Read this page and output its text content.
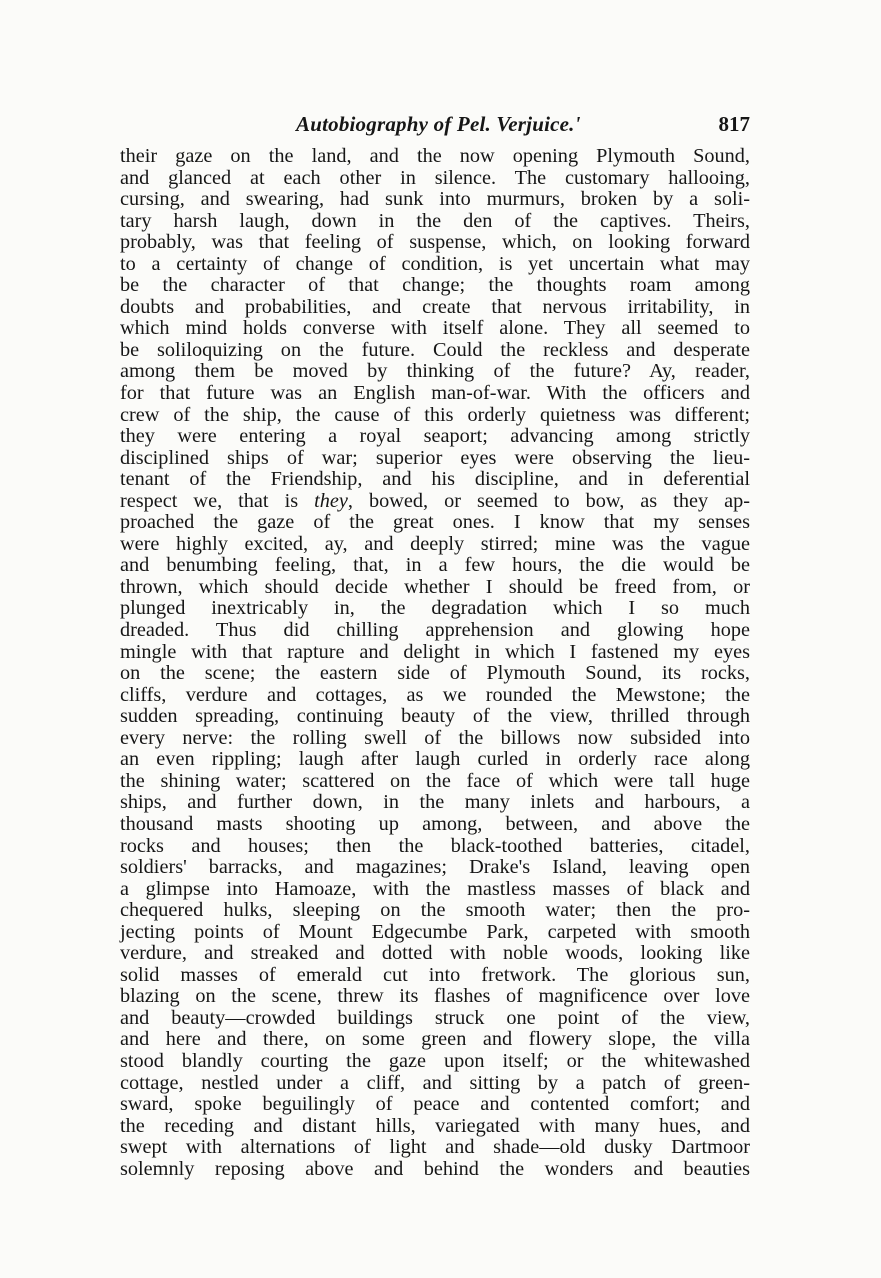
Autobiography of Pel. Verjuice.'	817
their gaze on the land, and the now opening Plymouth Sound,
and glanced at each other in silence. The customary hallooing,
cursing, and swearing, had sunk into murmurs, broken by a soli-
tary harsh laugh, down in the den of the captives. Theirs,
probably, was that feeling of suspense, which, on looking forward
to a certainty of change of condition, is yet uncertain what may
be the character of that change; the thoughts roam among
doubts and probabilities, and create that nervous irritability, in
which mind holds converse with itself alone. They all seemed to
be soliloquizing on the future. Could the reckless and desperate
among them be moved by thinking of the future? Ay, reader,
for that future was an English man-of-war. With the officers and
crew of the ship, the cause of this orderly quietness was different;
they were entering a royal seaport; advancing among strictly
disciplined ships of war; superior eyes were observing the lieu-
tenant of the Friendship, and his discipline, and in deferential
respect we, that is they, bowed, or seemed to bow, as they ap-
proached the gaze of the great ones. I know that my senses
were highly excited, ay, and deeply stirred; mine was the vague
and benumbing feeling, that, in a few hours, the die would be
thrown, which should decide whether I should be freed from, or
plunged inextricably in, the degradation which I so much
dreaded. Thus did chilling apprehension and glowing hope
mingle with that rapture and delight in which I fastened my eyes
on the scene; the eastern side of Plymouth Sound, its rocks,
cliffs, verdure and cottages, as we rounded the Mewstone; the
sudden spreading, continuing beauty of the view, thrilled through
every nerve: the rolling swell of the billows now subsided into
an even rippling; laugh after laugh curled in orderly race along
the shining water; scattered on the face of which were tall huge
ships, and further down, in the many inlets and harbours, a
thousand masts shooting up among, between, and above the
rocks and houses; then the black-toothed batteries, citadel,
soldiers' barracks, and magazines; Drake's Island, leaving open
a glimpse into Hamoaze, with the mastless masses of black and
chequered hulks, sleeping on the smooth water; then the pro-
jecting points of Mount Edgecumbe Park, carpeted with smooth
verdure, and streaked and dotted with noble woods, looking like
solid masses of emerald cut into fretwork. The glorious sun,
blazing on the scene, threw its flashes of magnificence over love
and beauty—crowded buildings struck one point of the view,
and here and there, on some green and flowery slope, the villa
stood blandly courting the gaze upon itself; or the whitewashed
cottage, nestled under a cliff, and sitting by a patch of green-
sward, spoke beguilingly of peace and contented comfort; and
the receding and distant hills, variegated with many hues, and
swept with alternations of light and shade—old dusky Dartmoor
solemnly reposing above and behind the wonders and beauties
